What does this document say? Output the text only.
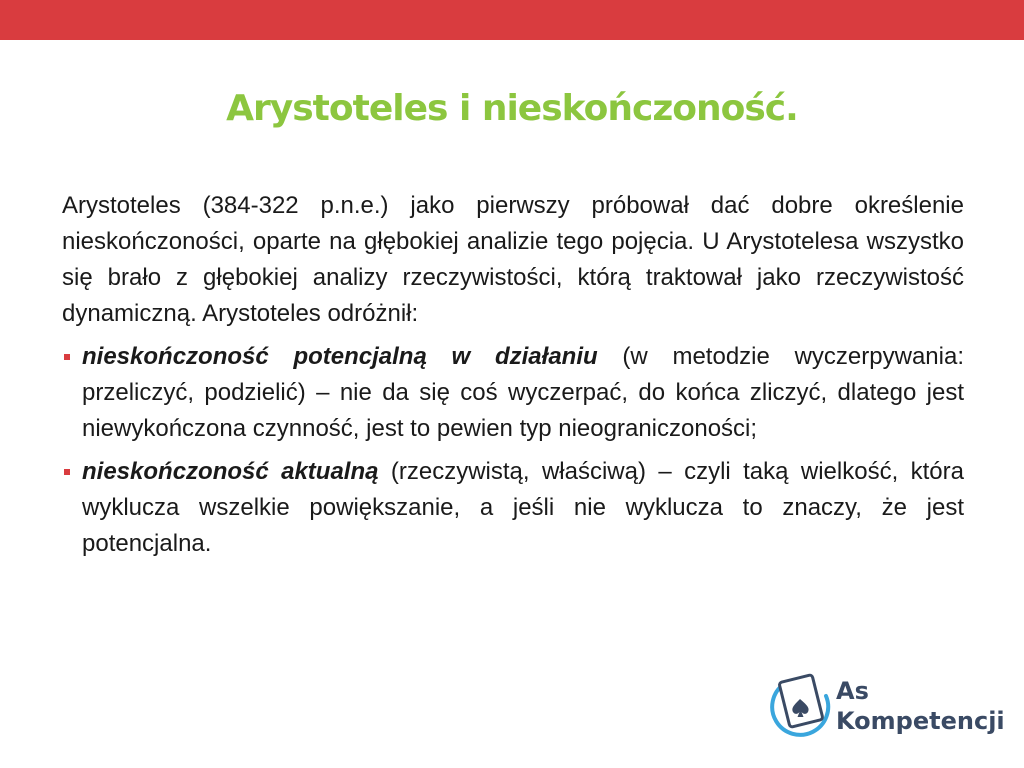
Arystoteles i nieskończoność.

Arystoteles (384-322 p.n.e.) jako pierwszy próbował dać dobre określenie nieskończoności, oparte na głębokiej analizie tego pojęcia. U Arystotelesa wszystko się brało z głębokiej analizy rzeczywistości, którą traktował jako rzeczywistość dynamiczną. Arystoteles odróżnił:

nieskończoność potencjalną w działaniu (w metodzie wyczerpywania: przeliczyć, podzielić) – nie da się coś wyczerpać, do końca zliczyć, dlatego jest niewykończona czynność, jest to pewien typ nieograniczoności;
nieskończoność aktualną (rzeczywistą, właściwą) – czyli taką wielkość, która wyklucza wszelkie powiększanie, a jeśli nie wyklucza to znaczy, że jest potencjalna.
As
Kompetencji
